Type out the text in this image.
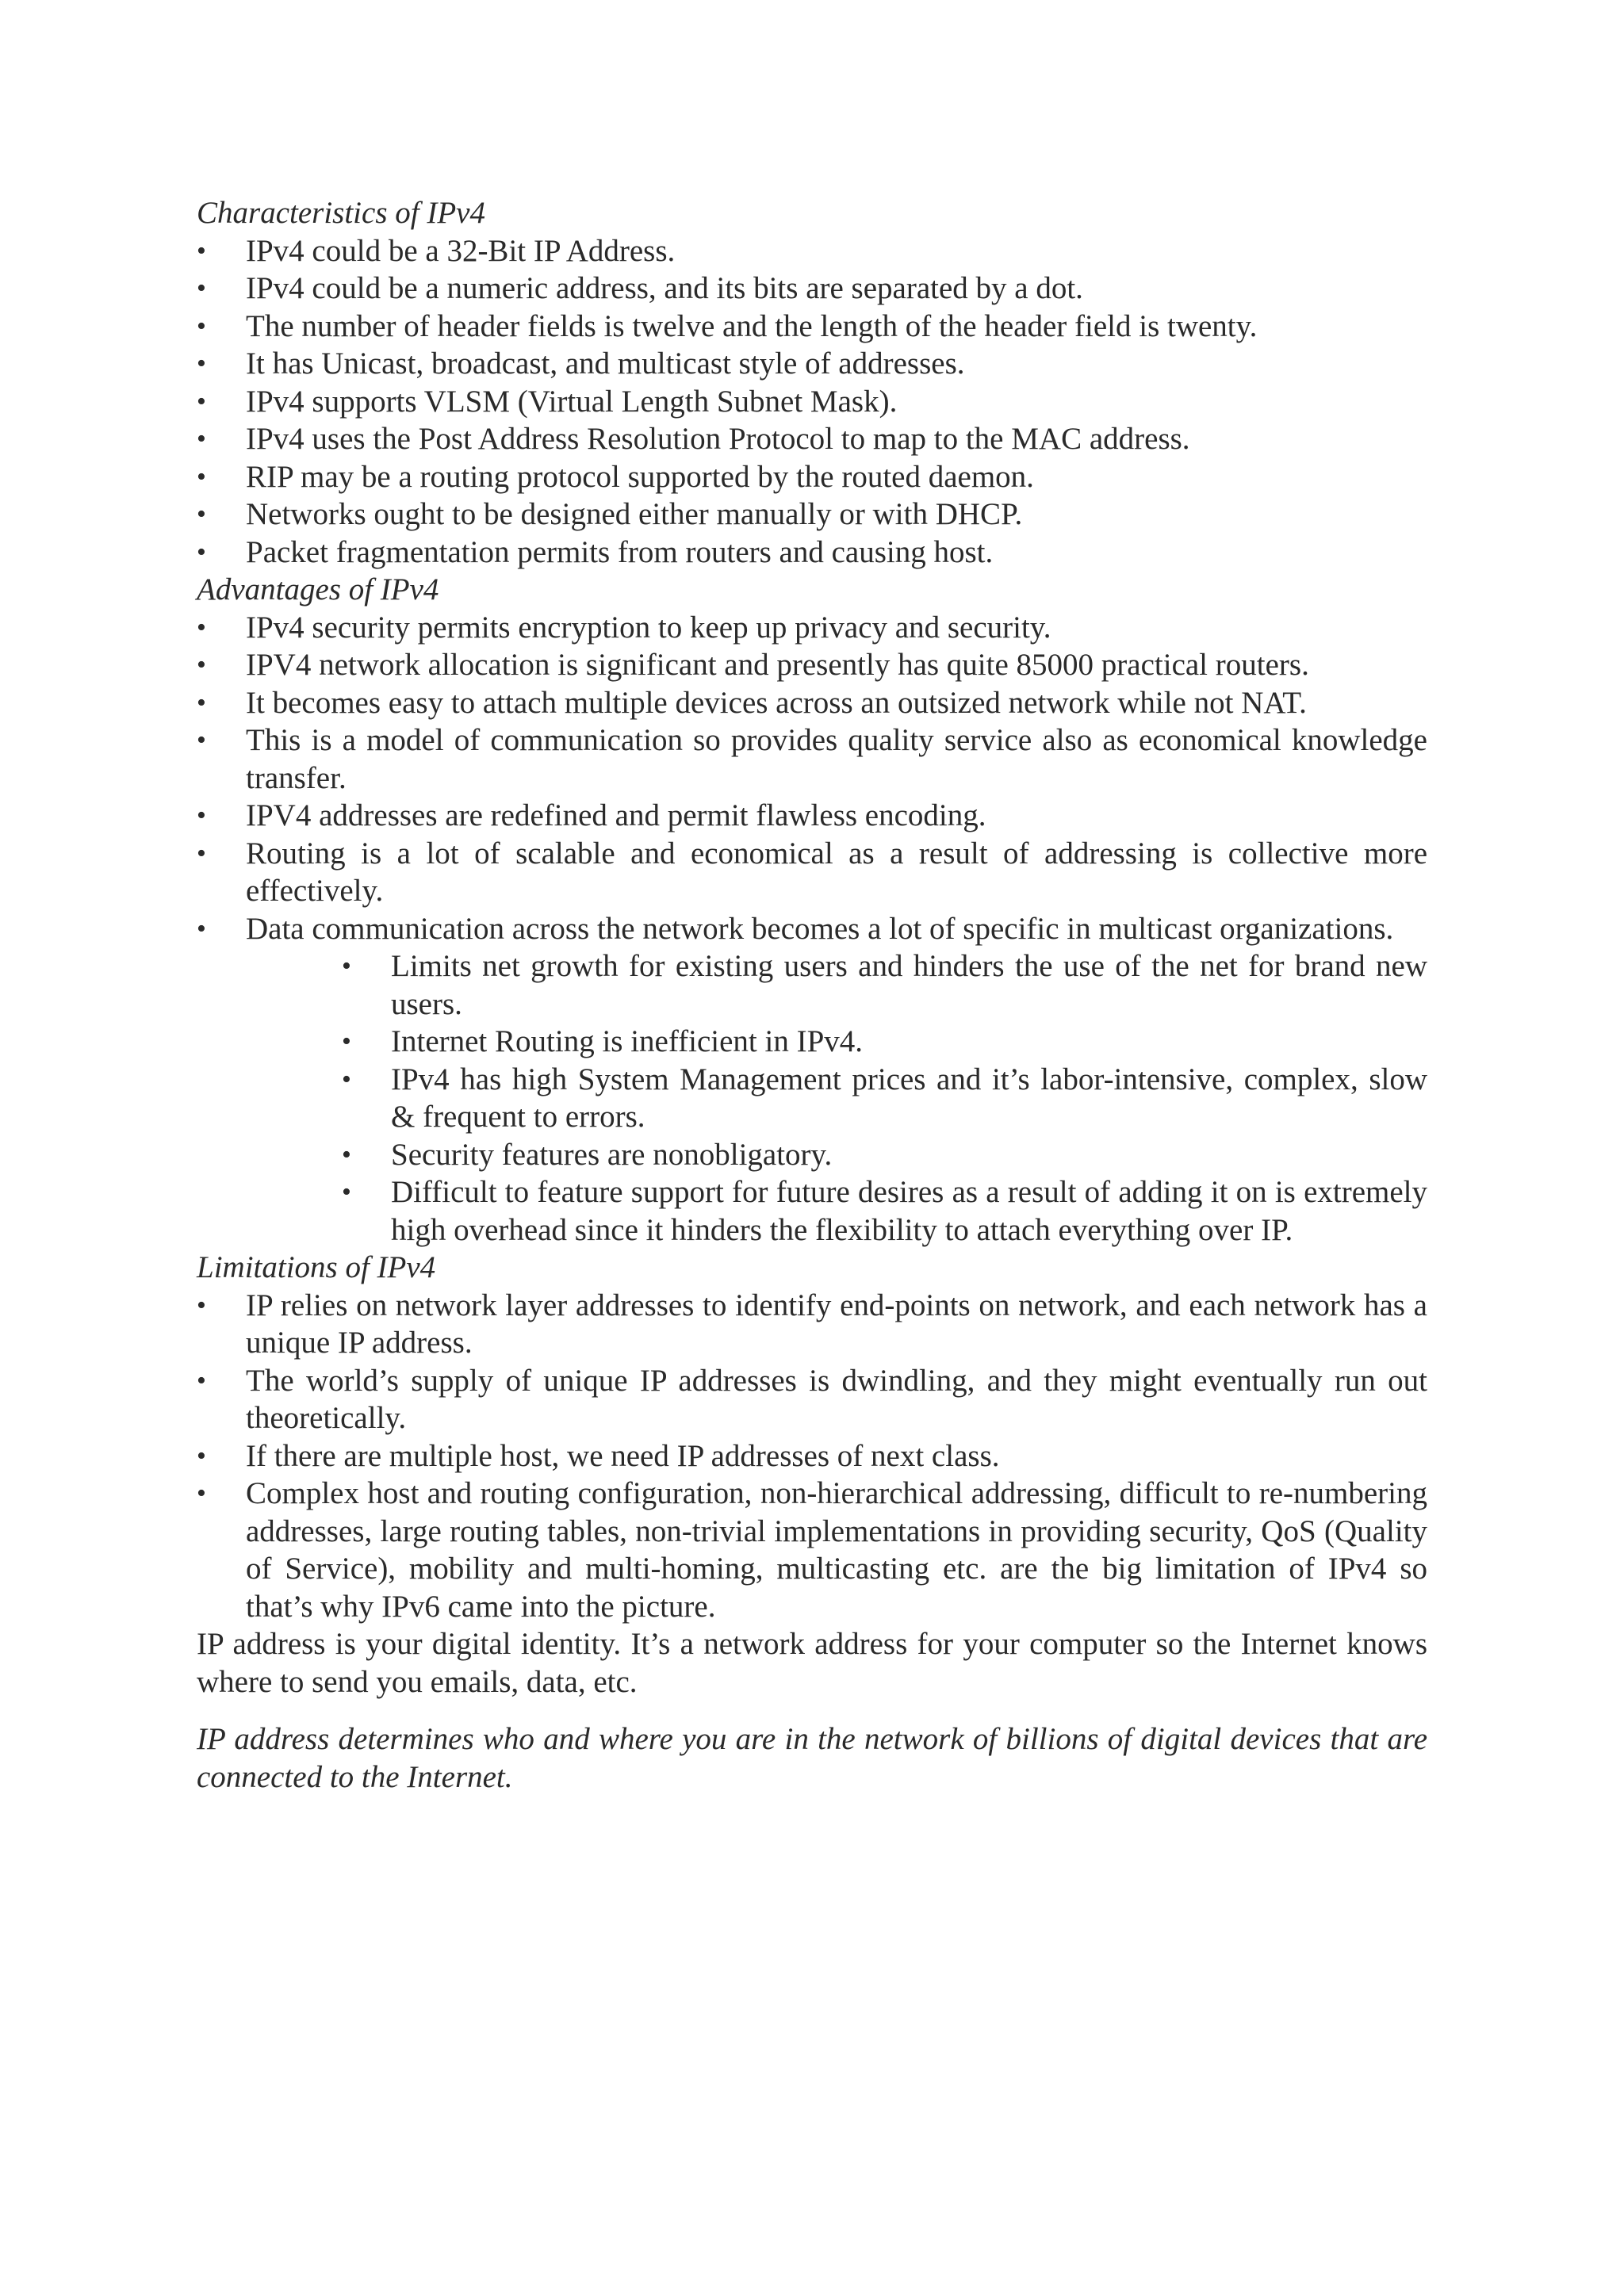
Characteristics of IPv4

• IPv4 could be a 32-Bit IP Address.
• IPv4 could be a numeric address, and its bits are separated by a dot.
• The number of header fields is twelve and the length of the header field is twenty.
• It has Unicast, broadcast, and multicast style of addresses.
• IPv4 supports VLSM (Virtual Length Subnet Mask).
• IPv4 uses the Post Address Resolution Protocol to map to the MAC address.
• RIP may be a routing protocol supported by the routed daemon.
• Networks ought to be designed either manually or with DHCP.
• Packet fragmentation permits from routers and causing host.

Advantages of IPv4

• IPv4 security permits encryption to keep up privacy and security.
• IPV4 network allocation is significant and presently has quite 85000 practical routers.
• It becomes easy to attach multiple devices across an outsized network while not NAT.
• This is a model of communication so provides quality service also as economical knowledge transfer.
• IPV4 addresses are redefined and permit flawless encoding.
• Routing is a lot of scalable and economical as a result of addressing is collective more effectively.
• Data communication across the network becomes a lot of specific in multicast organizations.
• Limits net growth for existing users and hinders the use of the net for brand new users.
• Internet Routing is inefficient in IPv4.
• IPv4 has high System Management prices and it’s labor-intensive, complex, slow & frequent to errors.
• Security features are nonobligatory.
• Difficult to feature support for future desires as a result of adding it on is extremely high overhead since it hinders the flexibility to attach everything over IP.

Limitations of IPv4

• IP relies on network layer addresses to identify end-points on network, and each network has a unique IP address.
• The world’s supply of unique IP addresses is dwindling, and they might eventually run out theoretically.
• If there are multiple host, we need IP addresses of next class.
• Complex host and routing configuration, non-hierarchical addressing, difficult to re-numbering addresses, large routing tables, non-trivial implementations in providing security, QoS (Quality of Service), mobility and multi-homing, multicasting etc. are the big limitation of IPv4 so that’s why IPv6 came into the picture.

IP address is your digital identity. It’s a network address for your computer so the Internet knows where to send you emails, data, etc.

IP address determines who and where you are in the network of billions of digital devices that are connected to the Internet.
